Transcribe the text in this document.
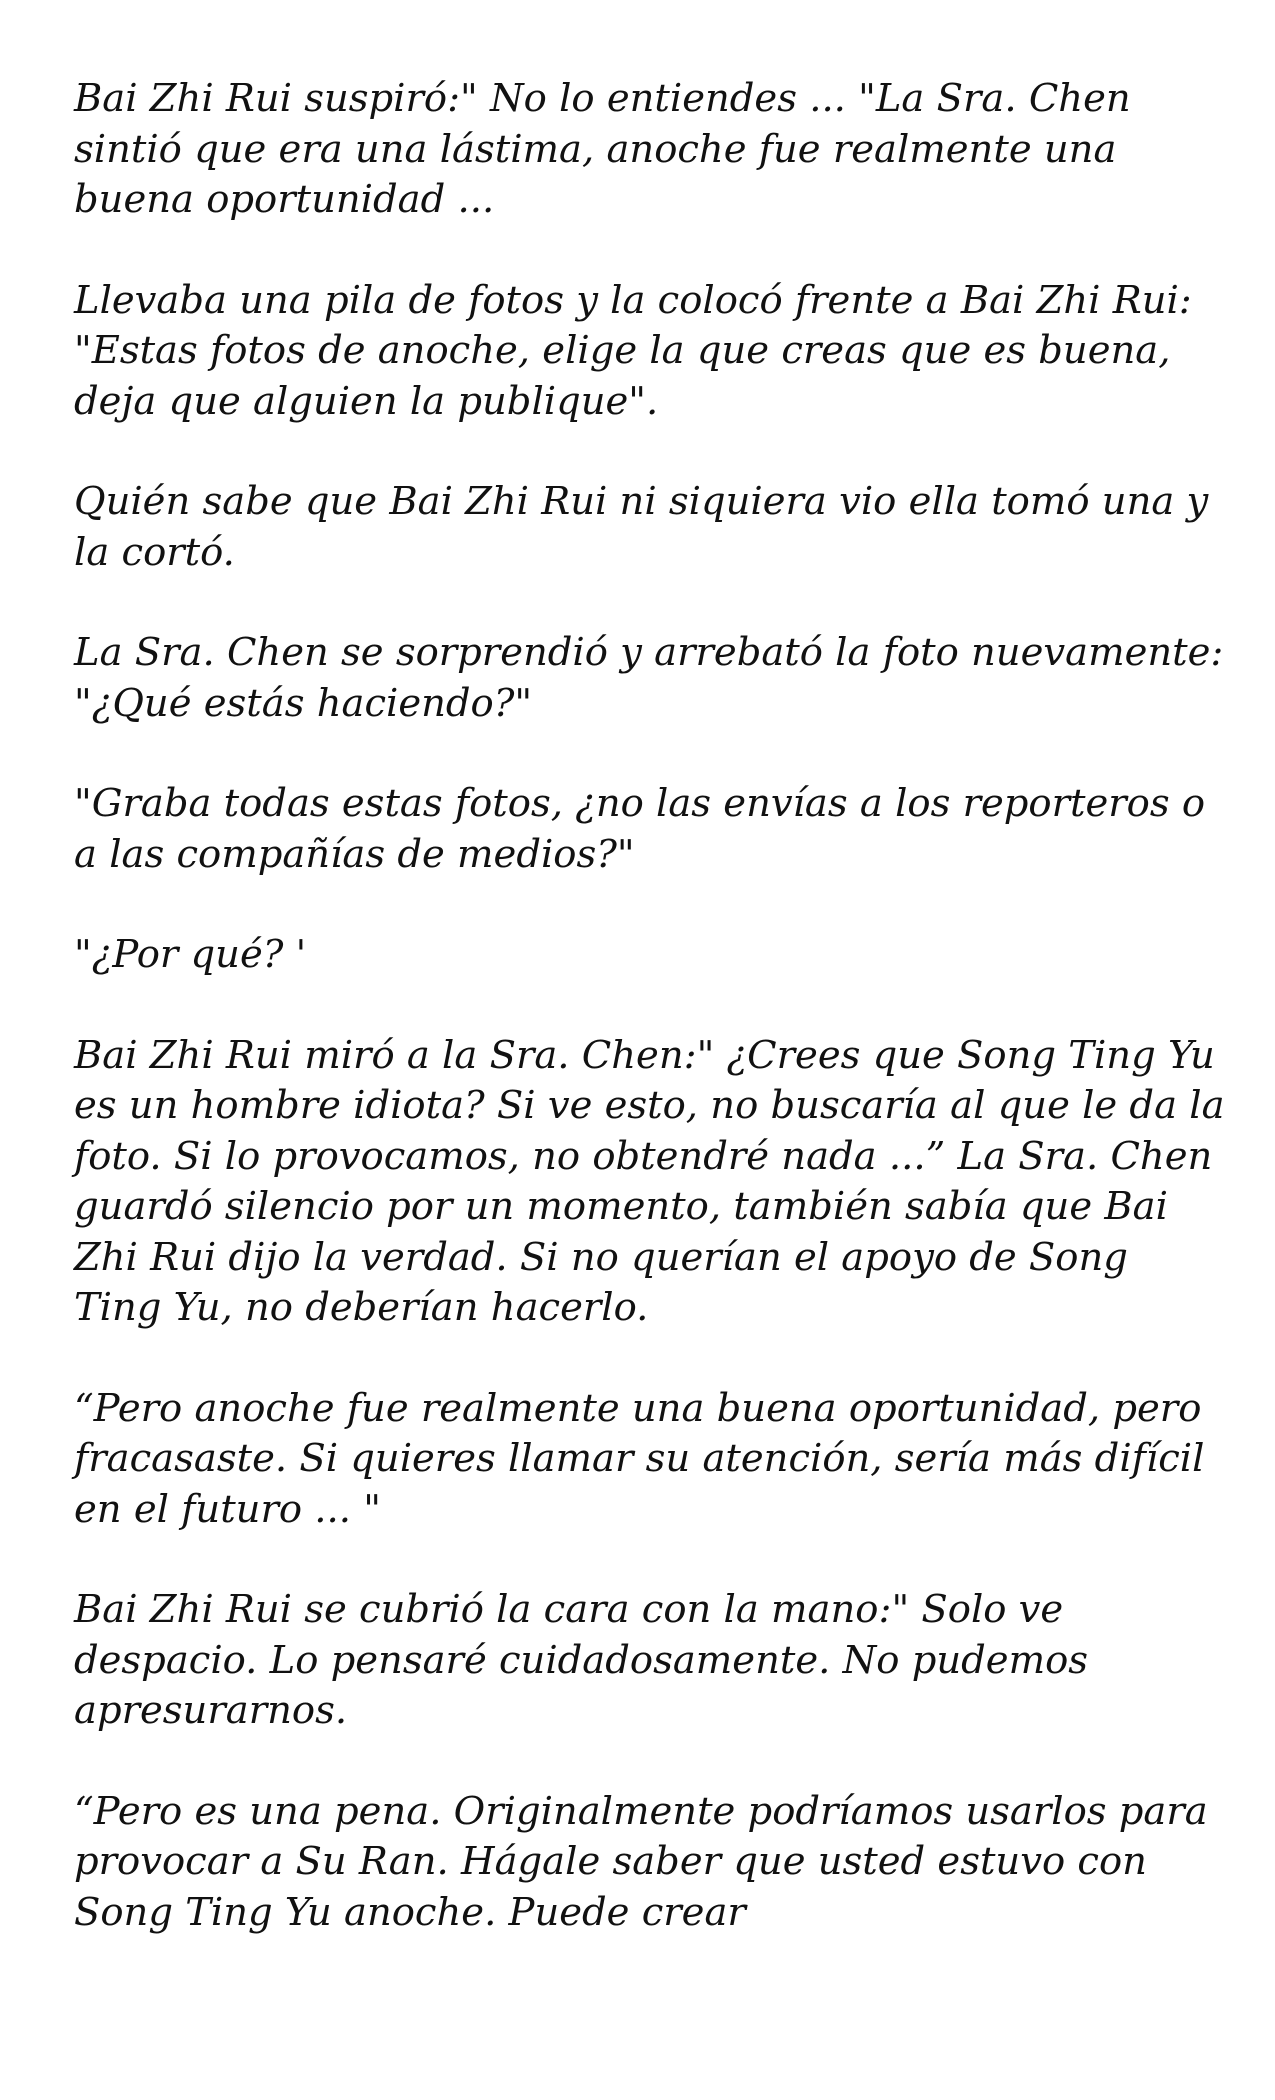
Bai Zhi Rui suspiró:" No lo entiendes ... "La Sra. Chen sintió que era una lástima, anoche fue realmente una buena oportunidad ...

Llevaba una pila de fotos y la colocó frente a Bai Zhi Rui: "Estas fotos de anoche, elige la que creas que es buena, deja que alguien la publique".

Quién sabe que Bai Zhi Rui ni siquiera vio ella tomó una y la cortó.

La Sra. Chen se sorprendió y arrebató la foto nuevamente: "¿Qué estás haciendo?"

"Graba todas estas fotos, ¿no las envías a los reporteros o a las compañías de medios?"

"¿Por qué? '

Bai Zhi Rui miró a la Sra. Chen:" ¿Crees que Song Ting Yu es un hombre idiota? Si ve esto, no buscaría al que le da la foto. Si lo provocamos, no obtendré nada ...” La Sra. Chen guardó silencio por un momento, también sabía que Bai Zhi Rui dijo la verdad. Si no querían el apoyo de Song Ting Yu, no deberían hacerlo.

“Pero anoche fue realmente una buena oportunidad, pero fracasaste. Si quieres llamar su atención, sería más difícil en el futuro ... "

Bai Zhi Rui se cubrió la cara con la mano:" Solo ve despacio. Lo pensaré cuidadosamente. No pudemos apresurarnos.

“Pero es una pena. Originalmente podríamos usarlos para provocar a Su Ran. Hágale saber que usted estuvo con Song Ting Yu anoche. Puede crear
